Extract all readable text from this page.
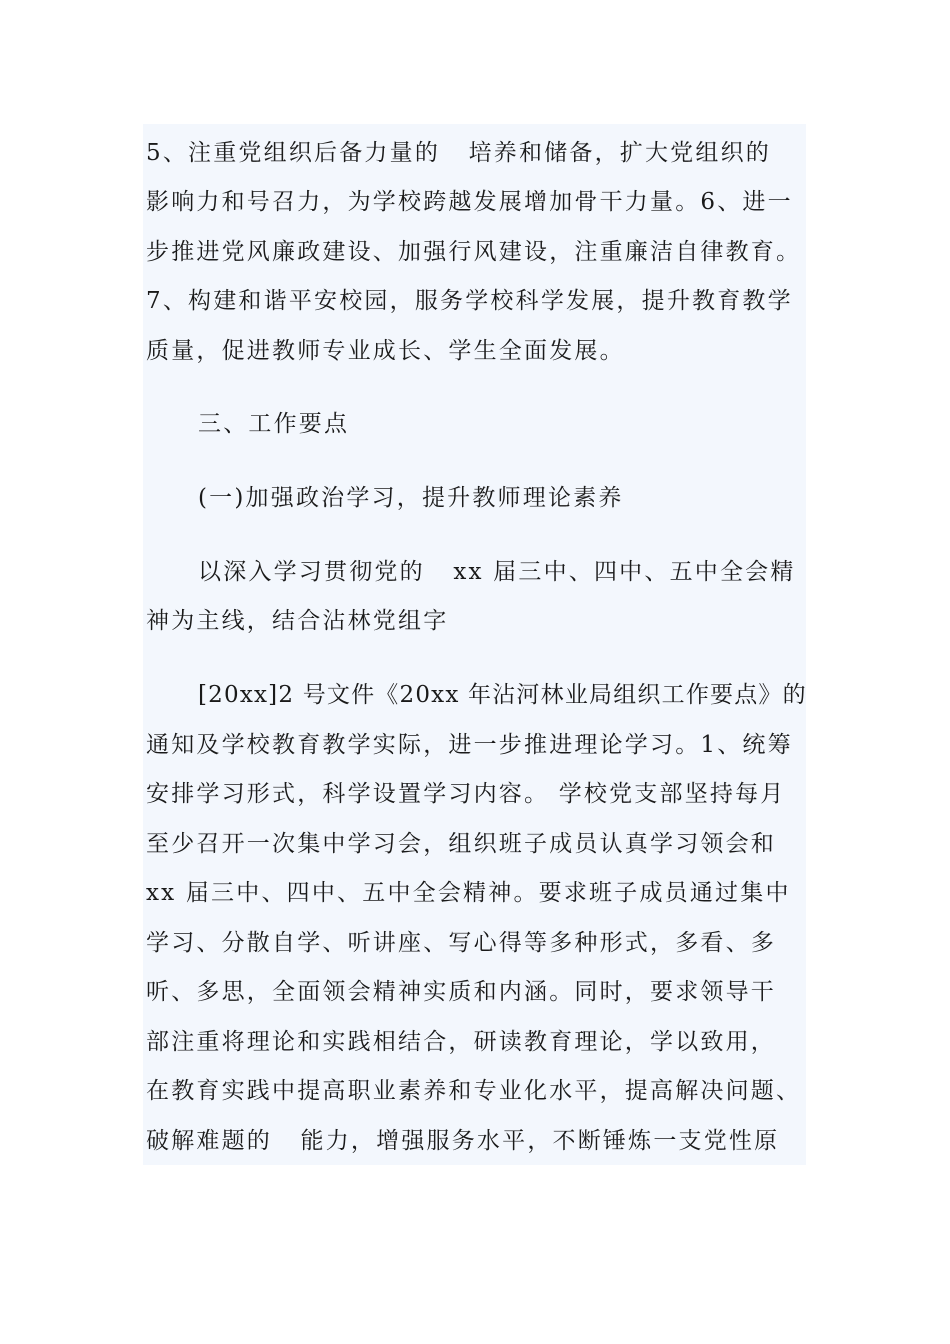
5、注重党组织后备力量的   培养和储备，扩大党组织的
影响力和号召力，为学校跨越发展增加骨干力量。6、进一
步推进党风廉政建设、加强行风建设，注重廉洁自律教育。
7、构建和谐平安校园，服务学校科学发展，提升教育教学
质量，促进教师专业成长、学生全面发展。
三、工作要点
(一)加强政治学习，提升教师理论素养
以深入学习贯彻党的   xx 届三中、四中、五中全会精
神为主线，结合沾林党组字
[20xx]2 号文件《20xx 年沾河林业局组织工作要点》的
通知及学校教育教学实际，进一步推进理论学习。1、统筹
安排学习形式，科学设置学习内容。 学校党支部坚持每月
至少召开一次集中学习会，组织班子成员认真学习领会和
xx 届三中、四中、五中全会精神。要求班子成员通过集中
学习、分散自学、听讲座、写心得等多种形式，多看、多
听、多思，全面领会精神实质和内涵。同时，要求领导干
部注重将理论和实践相结合，研读教育理论，学以致用，
在教育实践中提高职业素养和专业化水平，提高解决问题、
破解难题的   能力，增强服务水平，不断锤炼一支党性原
